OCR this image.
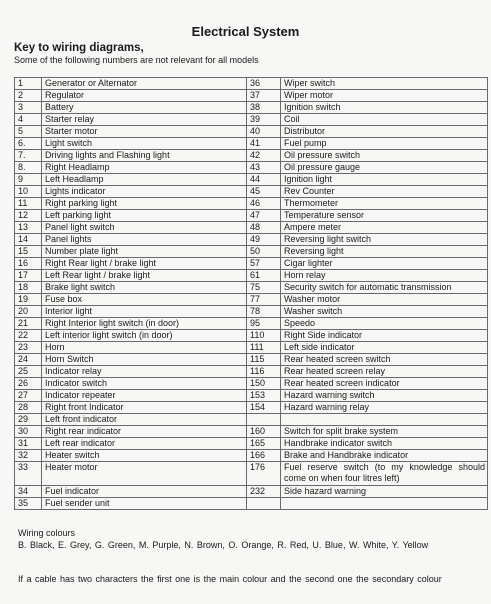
Electrical System
Key to wiring diagrams,
Some of the following numbers are not relevant for all models
1	Generator or Alternator	36	Wiper switch
2	Regulator	37	Wiper motor
3	Battery	38	Ignition switch
4	Starter relay	39	Coil
5	Starter motor	40	Distributor
6.	Light switch	41	Fuel pump
7.	Driving lights and Flashing light	42	Oil pressure switch
8.	Right Headlamp	43	Oil pressure gauge
9	Left Headlamp	44	Ignition light
10	Lights indicator	45	Rev Counter
11	Right parking light	46	Thermometer
12	Left parking light	47	Temperature sensor
13	Panel light switch	48	Ampere meter
14	Panel lights	49	Reversing light switch
15	Number plate light	50	Reversing light
16	Right Rear light / brake light	57	Cigar lighter
17	Left Rear light / brake light	61	Horn relay
18	Brake light switch	75	Security switch for automatic transmission
19	Fuse box	77	Washer motor
20	Interior light	78	Washer switch
21	Right Interior light switch (in door)	95	Speedo
22	Left interior light switch (in door)	110	Right Side indicator
23	Horn	111	Left side indicator
24	Horn Switch	115	Rear heated screen switch
25	Indicator relay	116	Rear heated screen relay
26	Indicator switch	150	Rear heated screen indicator
27	Indicator repeater	153	Hazard warning switch
28	Right front Indicator	154	Hazard warning relay
29	Left front indicator		
30	Right rear indicator	160	Switch for split brake system
31	Left rear indicator	165	Handbrake indicator switch
32	Heater switch	166	Brake and Handbrake indicator
33	Heater motor	176	Fuel reserve switch (to my knowledge should come on when four litres left)
34	Fuel indicator	232	Side hazard warning
35	Fuel sender unit		
Wiring colours
B. Black, E. Grey, G. Green, M. Purple, N. Brown, O. Orange, R. Red, U. Blue, W. White, Y. Yellow
If a cable has two characters the first one is the main colour and the second one the secondary colour
